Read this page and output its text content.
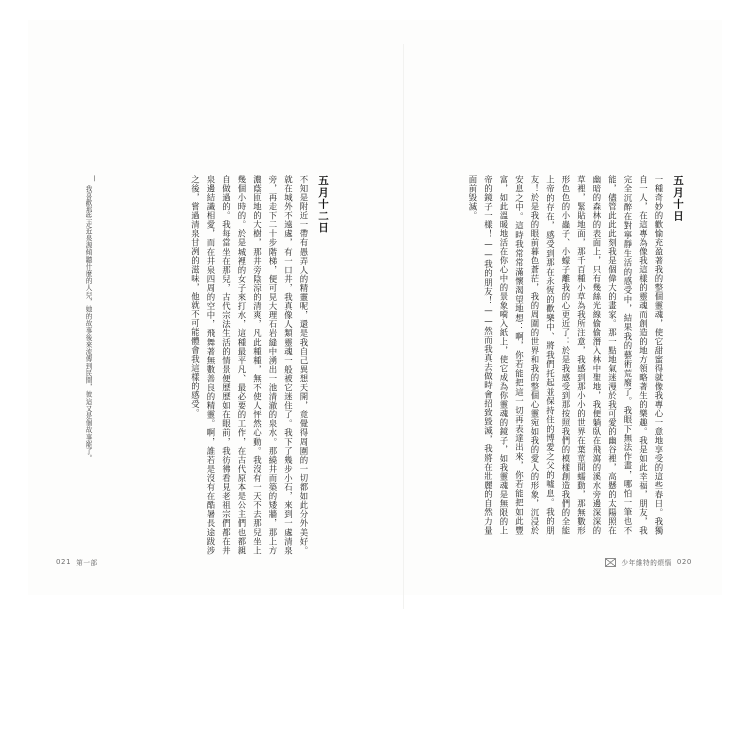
五月十日
一種奇妙的歡愉充盈著我的整個靈魂，使它甜蜜得就像我專心一意地享受的這些春日。我獨自一人，在這專為像我這樣的靈魂而創造的地方領略著生的樂趣。我是如此幸福，朋友，我完全沉醉在對寧靜生活的感受中，結果我的藝術荒廢了。我眼下無法作畫，哪怕一筆也不能，儘管此此此刻我是個偉大的畫家。那一點地氣迷漫於我可愛的幽谷裡，高懸的太陽照在幽暗的森林的表面上，只有幾絲光線偷偷潛入林中聖地，我便躺臥在飛瀉的溪水旁邊深深的草裡，緊貼地面，那千百種小草為我所注意，我感到那小小的世界在葉莖間蠕動，那無數形形色色的小蟲子、小蠓子離我的心更近了：於是我感受到那按照我們的模樣創造我們的全能上帝的存在，感受到那在永恆的歡樂中、將我們托起並保持住的博愛之父的噓息。我的朋友！於是我的眼前暮色蒼茫，我的周圍的世界和我的整個心靈宛如我的愛人的形象，沉浸於安息之中。這時我常常滿懷渴望地想：啊，你若能把這一切再表達出來，你若能把如此豐富，如此溫暖地活在你心中的景象嗬入紙上，使它成為你靈魂的鏡子，如我靈魂是無限的上帝的鏡子一樣！——我的朋友！——然而我真去做時會招致毀滅，我將在壯麗的自然力量面前毀滅。
五月十二日
不知是附近一帶有愚弄人的精靈呢，還是我自己異想天開，竟覺得周圍的一切都如此分外美好。就在城外不遠處，有一口井，我真像人類靈魂一般被它迷住了。我下了幾步小石，來到一處清泉旁，再走下二十步階梯，便可見大理石岩縫中湧出一池清澈的泉水。那繞井而築的矮牆，那上方濃蔭匝地的大樹，那井旁陰涼的清爽，凡此種種，無不使人怦然心動。我沒有一天不去那兒坐上幾個小時的。於是城裡的女子來打水，這種最平凡、最必要的工作，在古代原本是公主們也都親自做過的。我每當坐在那兒，古代宗法生活的情景便歷歷如在眼前，我彷彿看見老祖宗們都在井泉邊結識相愛，而在井泉四周的空中，飛舞著無數善良的精靈。啊，誰若是沒有在酷暑長途跋涉之後，嘗過清泉甘冽的滋味，他就不可能體會我這樣的感受。
—
我喜歡那些走近泉源傾聽什麼的人兒，她的故事後來流傳到民間，彼這又是個故事罷了。
021 第一部	少年維特的煩惱 020
